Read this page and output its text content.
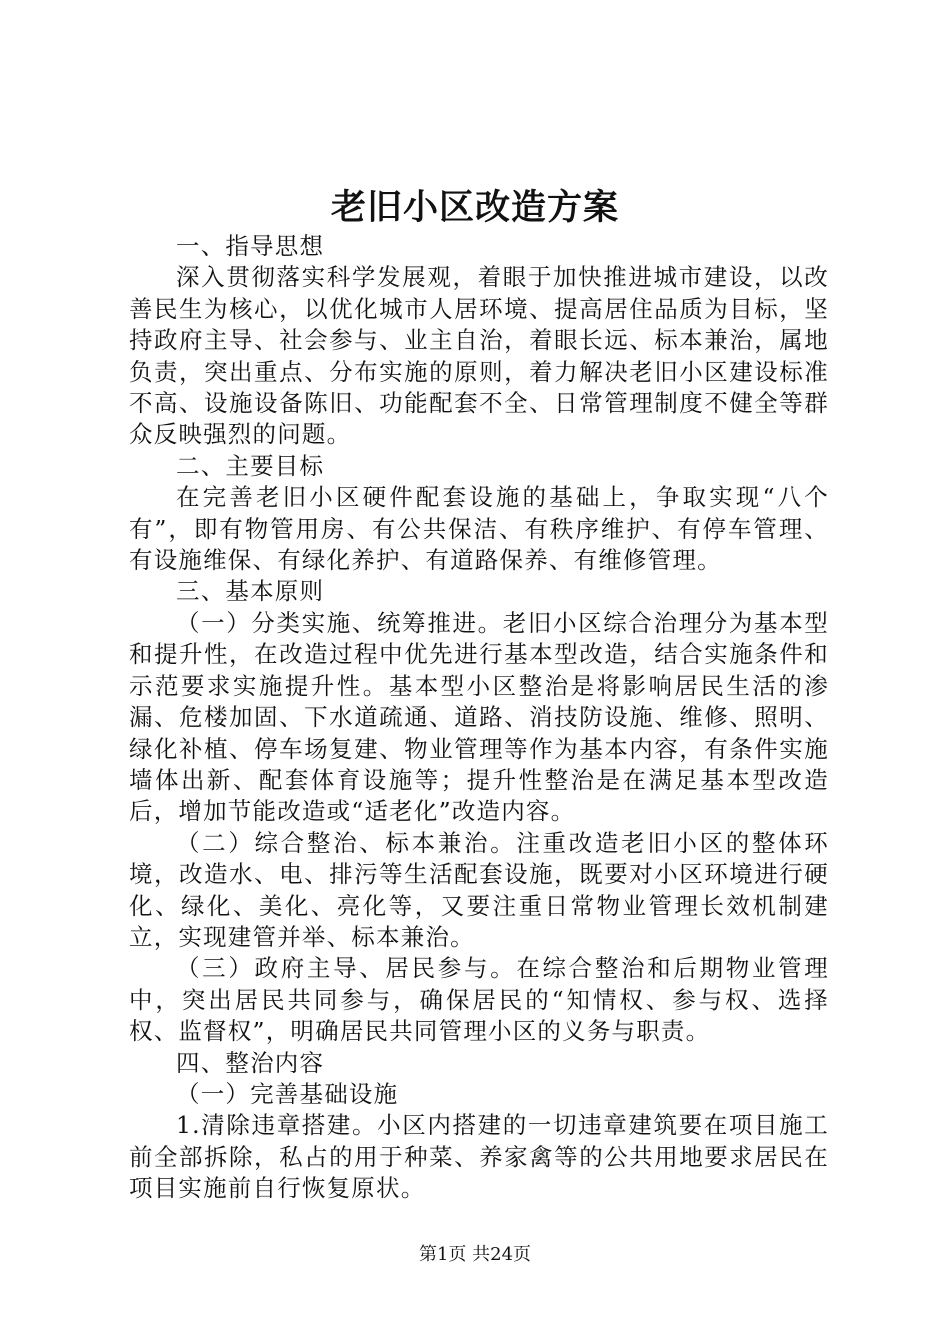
老旧小区改造方案

一、指导思想

深入贯彻落实科学发展观，着眼于加快推进城市建设，以改善民生为核心，以优化城市人居环境、提高居住品质为目标，坚持政府主导、社会参与、业主自治，着眼长远、标本兼治，属地负责，突出重点、分布实施的原则，着力解决老旧小区建设标准不高、设施设备陈旧、功能配套不全、日常管理制度不健全等群众反映强烈的问题。

二、主要目标

在完善老旧小区硬件配套设施的基础上，争取实现“八个有”，即有物管用房、有公共保洁、有秩序维护、有停车管理、有设施维保、有绿化养护、有道路保养、有维修管理。

三、基本原则

（一）分类实施、统筹推进。老旧小区综合治理分为基本型和提升性，在改造过程中优先进行基本型改造，结合实施条件和示范要求实施提升性。基本型小区整治是将影响居民生活的渗漏、危楼加固、下水道疏通、道路、消技防设施、维修、照明、绿化补植、停车场复建、物业管理等作为基本内容，有条件实施墙体出新、配套体育设施等；提升性整治是在满足基本型改造后，增加节能改造或“适老化”改造内容。

（二）综合整治、标本兼治。注重改造老旧小区的整体环境，改造水、电、排污等生活配套设施，既要对小区环境进行硬化、绿化、美化、亮化等，又要注重日常物业管理长效机制建立，实现建管并举、标本兼治。

（三）政府主导、居民参与。在综合整治和后期物业管理中，突出居民共同参与，确保居民的“知情权、参与权、选择权、监督权”，明确居民共同管理小区的义务与职责。

四、整治内容

（一）完善基础设施

1.清除违章搭建。小区内搭建的一切违章建筑要在项目施工前全部拆除，私占的用于种菜、养家禽等的公共用地要求居民在项目实施前自行恢复原状。

第1页 共24页
